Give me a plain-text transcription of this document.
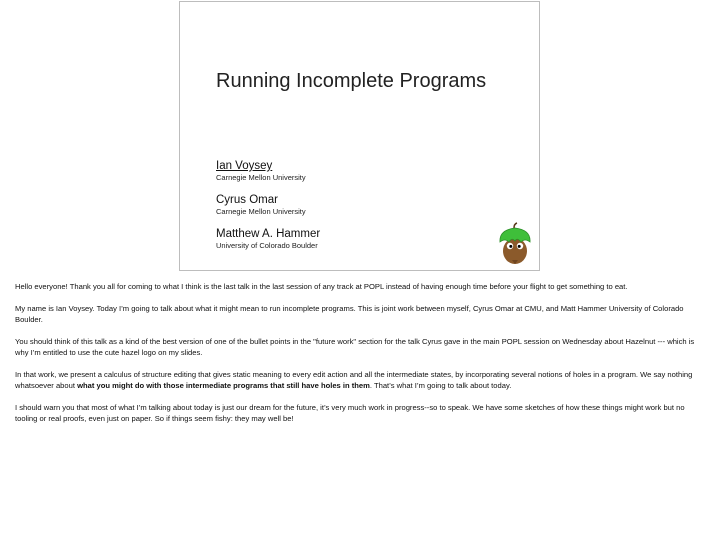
Running Incomplete Programs
Ian Voysey
Carnegie Mellon University
Cyrus Omar
Carnegie Mellon University
Matthew A. Hammer
University of Colorado Boulder

Hello everyone! Thank you all for coming to what I think is the last talk in the last session of any track at POPL instead of having enough time before your flight to get something to eat.

My name is Ian Voysey. Today I’m going to talk about what it might mean to run incomplete programs. This is joint work between myself, Cyrus Omar at CMU, and Matt Hammer University of Colorado Boulder.

You should think of this talk as a kind of the best version of one of the bullet points in the "future work" section for the talk Cyrus gave in the main POPL session on Wednesday about Hazelnut --- which is why I’m entitled to use the cute hazel logo on my slides.

In that work, we present a calculus of structure editing that gives static meaning to every edit action and all the intermediate states, by incorporating several notions of holes in a program. We say nothing whatsoever about what you might do with those intermediate programs that still have holes in them. That’s what I’m going to talk about today.

I should warn you that most of what I’m talking about today is just our dream for the future, it’s very much work in progress--so to speak. We have some sketches of how these things might work but no tooling or real proofs, even just on paper. So if things seem fishy: they may well be!
